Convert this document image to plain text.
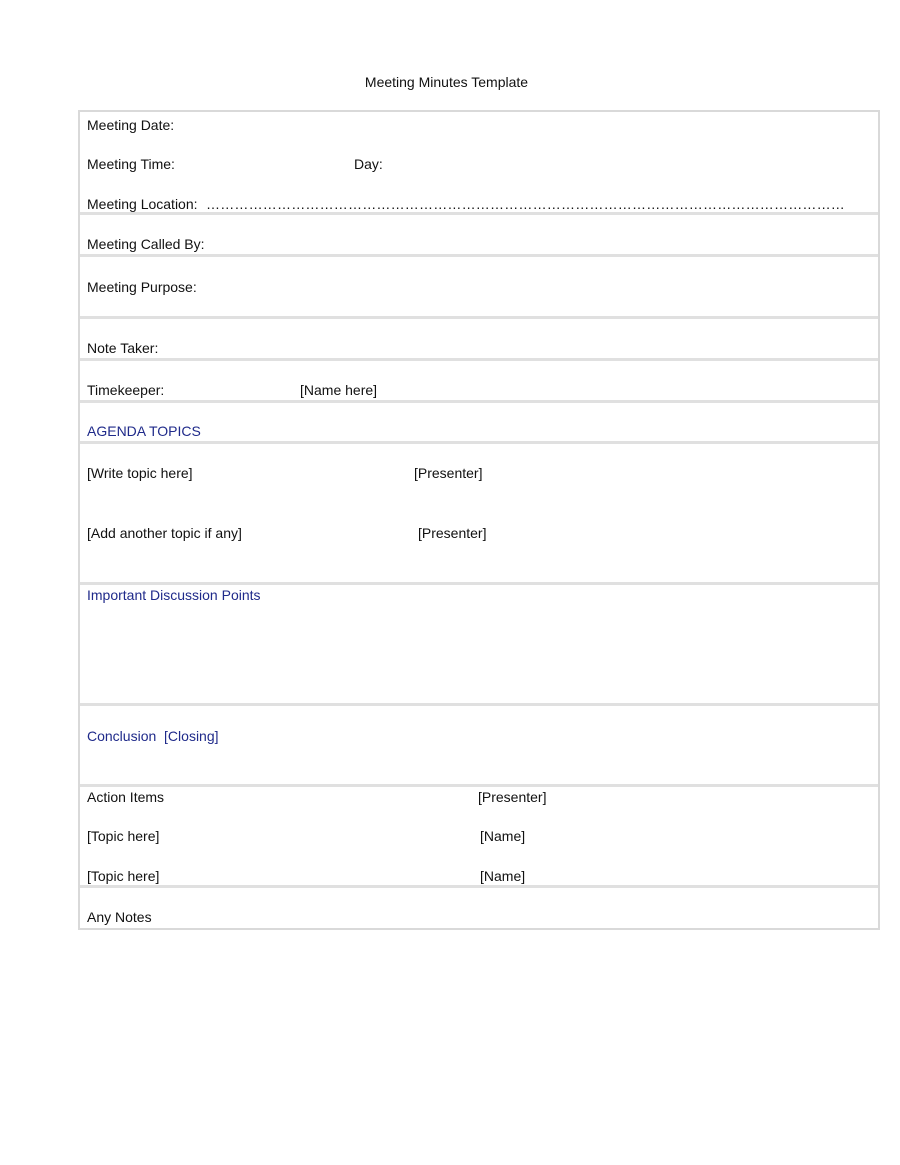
Meeting Minutes Template
Meeting Date:
Meeting Time:	Day:
Meeting Location: ………………………………………………………………………………………………………………………
Meeting Called By:
Meeting Purpose:
Note Taker:
Timekeeper:	[Name here]
AGENDA TOPICS
[Write topic here]	[Presenter]
[Add another topic if any]	[Presenter]
Important Discussion Points
Conclusion  [Closing]
Action Items	[Presenter]
[Topic here]	[Name]
[Topic here]	[Name]
Any Notes
